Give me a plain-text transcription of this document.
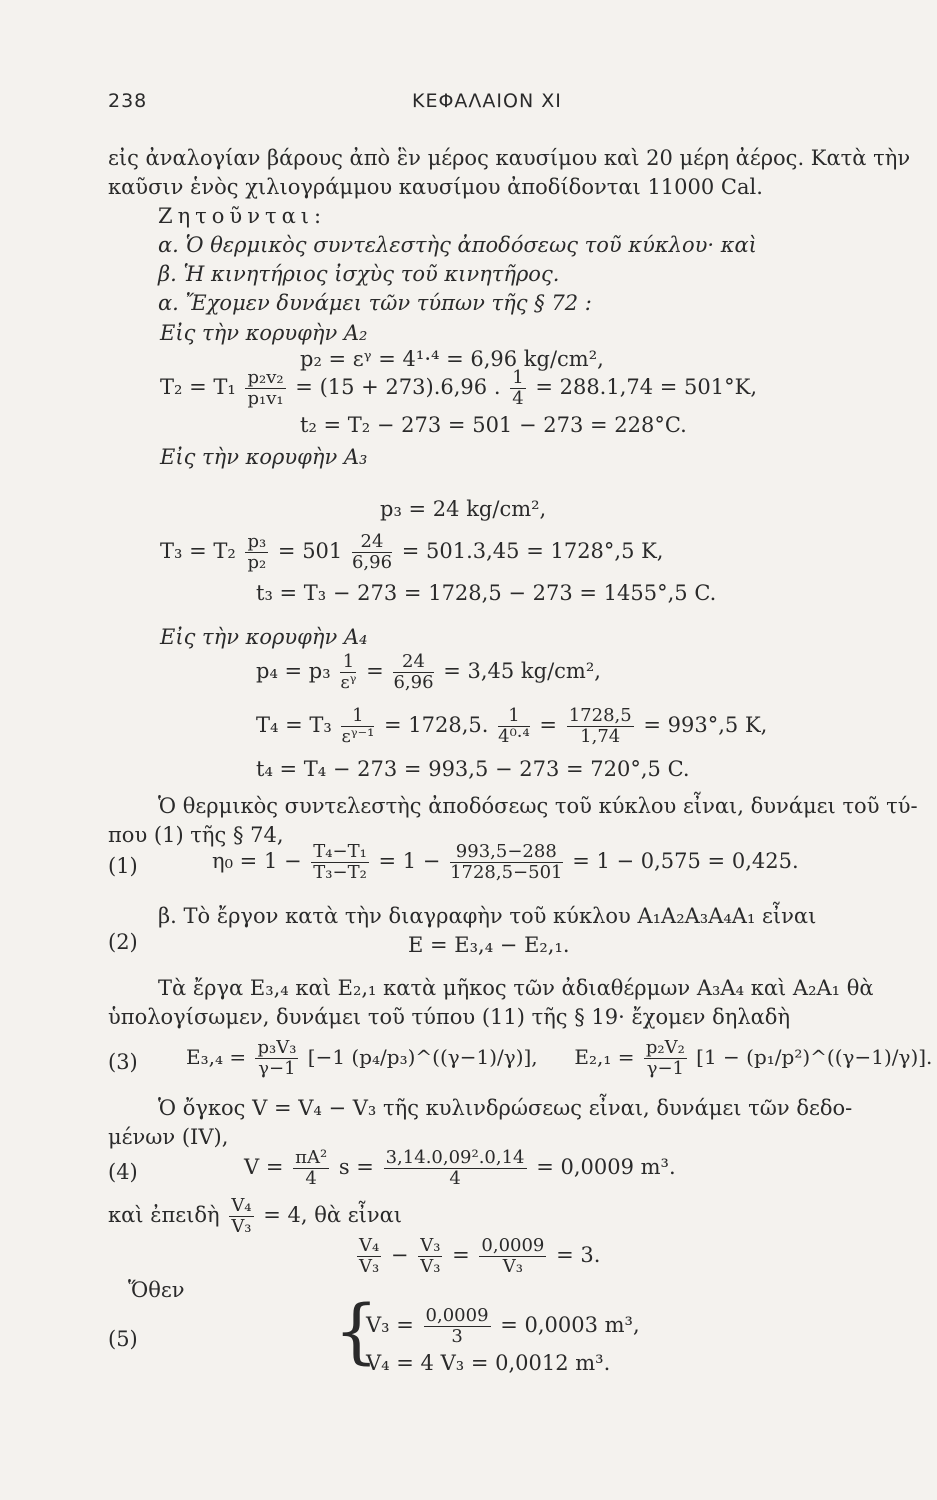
238	ΚΕΦΑΛΑΙΟΝ XI
εἰς ἀναλογίαν βάρους ἀπὸ ἓν μέρος καυσίμου καὶ 20 μέρη ἀέρος. Κατὰ τὴν
καῦσιν ἑνὸς χιλιογράμμου καυσίμου ἀποδίδονται 11000 Cal.
Ζητοῦνται:
α. Ὁ θερμικὸς συντελεστὴς ἀποδόσεως τοῦ κύκλου· καὶ
β. Ἡ κινητήριος ἰσχὺς τοῦ κινητῆρος.
α. Ἔχομεν δυνάμει τῶν τύπων τῆς § 72 :
Εἰς τὴν κορυφὴν A₂
p₂ = εᵞ = 4¹·⁴ = 6,96 kg/cm²,
$T_2 = T_1 \frac{\text{p₂v₂}}{\text{p₁v₁}} = (15 + 273).6,96$ . $\frac{1}{4} = 288.1,74 = 501^\circ K$,
t₂ = T₂ − 273 = 501 − 273 = 228°C.
Εἰς τὴν κορυφὴν A₃
p₃ = 24 kg/cm²,
$T_3 = T_2 \frac{\text{p₃}}{\text{p₂}} = 501 \frac{24}{6,96} = 501.3,45 = 1728^\circ,5$ K,
t₃ = T₃ − 273 = 1728,5 − 273 = 1455°,5 C.
Εἰς τὴν κορυφὴν A₄
$p_4 = p_3 \frac{1}{\text{εᵞ}} = \frac{24}{6,96} = 3,45$ kg/cm²,
$T_4 = T_3 \frac{1}{\text{εᵞ⁻¹}} = 1728,5$. $\frac{1}{\text{4⁰·⁴}} = \frac{1728,5}{1,74} = 993^\circ,5$ K,
t₄ = T₄ − 273 = 993,5 − 273 = 720°,5 C.
Ὁ θερμικὸς συντελεστὴς ἀποδόσεως τοῦ κύκλου εἶναι, δυνάμει τοῦ τύ-
που (1) τῆς § 74,
(1)	$\eta_0 = 1 - \frac{\text{T₄−T₁}}{\text{T₃−T₂}} = 1 - \frac{993,5-288}{1728,5-501} = 1 - 0,575 = 0,425$.
β. Τὸ ἔργον κατὰ τὴν διαγραφὴν τοῦ κύκλου A₁A₂A₃A₄A₁ εἶναι
(2)	E = E₃,₄ − E₂,₁.
Τὰ ἔργα E₃,₄ καὶ E₂,₁ κατὰ μῆκος τῶν ἀδιαθέρμων A₃A₄ καὶ A₂A₁ θὰ
ὑπολογίσωμεν, δυνάμει τοῦ τύπου (11) τῆς § 19· ἔχομεν δηλαδὴ
(3) $E_3,_4 = \frac{\text{p₃V₃}}{\gamma-1} [-1$ (p₄/p₃)^((γ−1)/γ)], $E_2,_1 = \frac{\text{p₂V₂}}{\gamma-1} [1$ − (p₁/p²)^((γ−1)/γ)].
Ὁ ὄγκος V = V₄ − V₃ τῆς κυλινδρώσεως εἶναι, δυνάμει τῶν δεδο-
μένων (IV),
(4)	$V = \frac{\text{πA²}}{4}$ $s = \frac{\text{3,14.0,09².0,14}}{4} = 0,0009$ m³.
καὶ ἐπειδὴ $\frac{\text{V₄}}{\text{V₃}} = 4$, θὰ εἶναι
$\frac{\text{V₄}}{\text{V₃}} - \frac{\text{V₃}}{\text{V₃}} = \frac{0,0009}{\text{V₃}} = 3$.
Ὅθεν
(5)	{
$V_3 = \frac{0,0009}{3} = 0,0003$ m³,
V₄ = 4 V₃ = 0,0012 m³.
